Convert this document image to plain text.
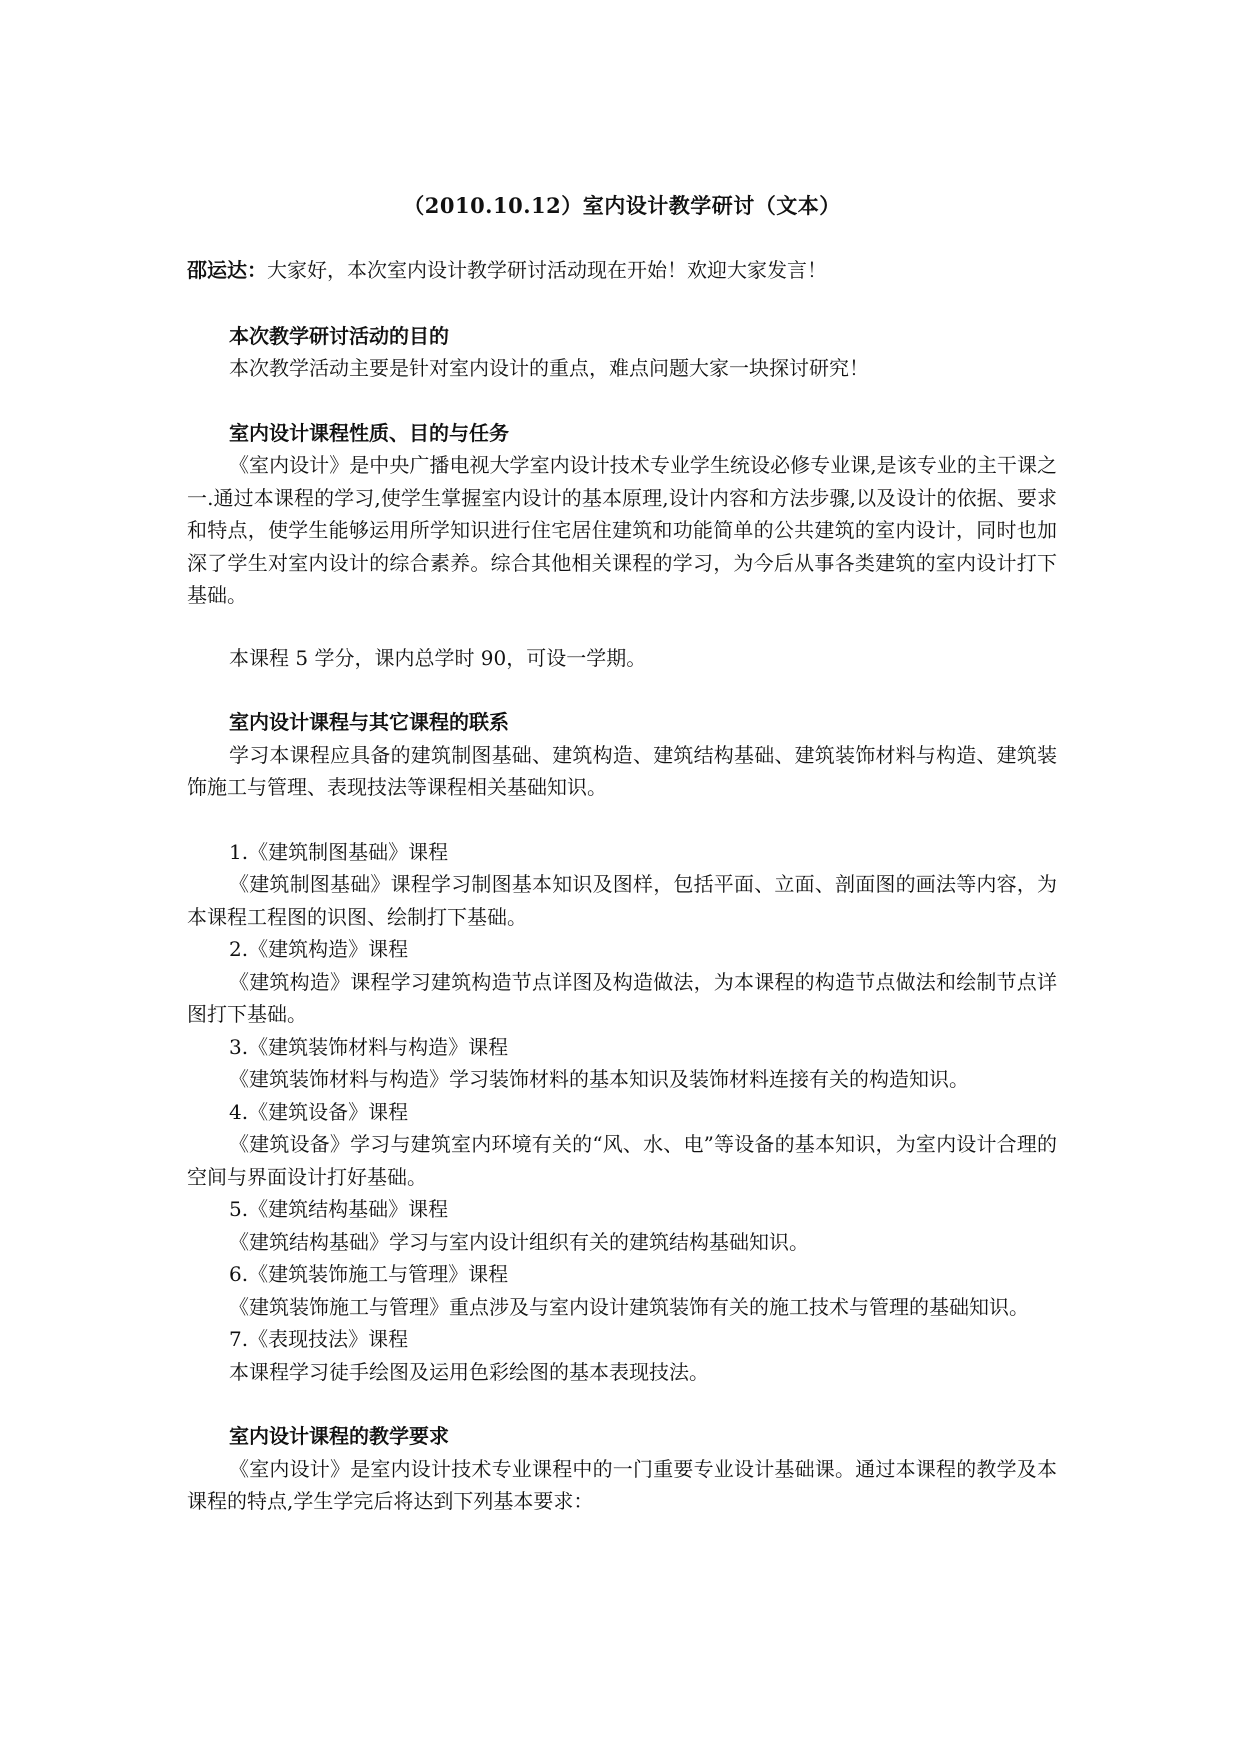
（2010.10.12）室内设计教学研讨（文本）

邵运达：大家好，本次室内设计教学研讨活动现在开始！欢迎大家发言！

本次教学研讨活动的目的

本次教学活动主要是针对室内设计的重点，难点问题大家一块探讨研究！

室内设计课程性质、目的与任务

《室内设计》是中央广播电视大学室内设计技术专业学生统设必修专业课,是该专业的主干课之一.通过本课程的学习,使学生掌握室内设计的基本原理,设计内容和方法步骤,以及设计的依据、要求和特点，使学生能够运用所学知识进行住宅居住建筑和功能简单的公共建筑的室内设计，同时也加深了学生对室内设计的综合素养。综合其他相关课程的学习，为今后从事各类建筑的室内设计打下基础。

本课程 5 学分，课内总学时 90，可设一学期。

室内设计课程与其它课程的联系

学习本课程应具备的建筑制图基础、建筑构造、建筑结构基础、建筑装饰材料与构造、建筑装饰施工与管理、表现技法等课程相关基础知识。

1.《建筑制图基础》课程

《建筑制图基础》课程学习制图基本知识及图样，包括平面、立面、剖面图的画法等内容，为本课程工程图的识图、绘制打下基础。

2.《建筑构造》课程

《建筑构造》课程学习建筑构造节点详图及构造做法，为本课程的构造节点做法和绘制节点详图打下基础。

3.《建筑装饰材料与构造》课程

《建筑装饰材料与构造》学习装饰材料的基本知识及装饰材料连接有关的构造知识。

4.《建筑设备》课程

《建筑设备》学习与建筑室内环境有关的“风、水、电”等设备的基本知识，为室内设计合理的空间与界面设计打好基础。

5.《建筑结构基础》课程

《建筑结构基础》学习与室内设计组织有关的建筑结构基础知识。

6.《建筑装饰施工与管理》课程

《建筑装饰施工与管理》重点涉及与室内设计建筑装饰有关的施工技术与管理的基础知识。

7.《表现技法》课程

本课程学习徒手绘图及运用色彩绘图的基本表现技法。

室内设计课程的教学要求

《室内设计》是室内设计技术专业课程中的一门重要专业设计基础课。通过本课程的教学及本课程的特点,学生学完后将达到下列基本要求：
